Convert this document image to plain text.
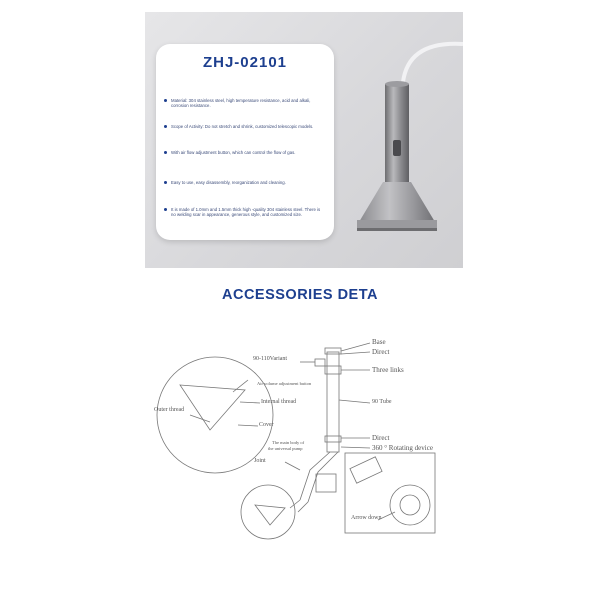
ZHJ-02101
Material: 304 stainless steel, high temperature resistance, acid and alkali, corrosion resistance.
Scope of Activity: Do not stretch and shrink, customized telescopic models.
With air flow adjustment button, which can control the flow of gas.
Easy to use, easy disassembly, reorganization and cleaning.
It is made of 1.0mm and 1.5mm thick high -quality 304 stainless steel. There is no welding scar in appearance, generous style, and customized size.
ACCESSORIES DETA
Base
Direct
90-110Variant
Three links
Air volume adjustment button
Internal thread	90 Tube
Outer thread
Cover
Direct
360 ° Rotating device
The main body of
the universal pump
Joint
Arrow down
